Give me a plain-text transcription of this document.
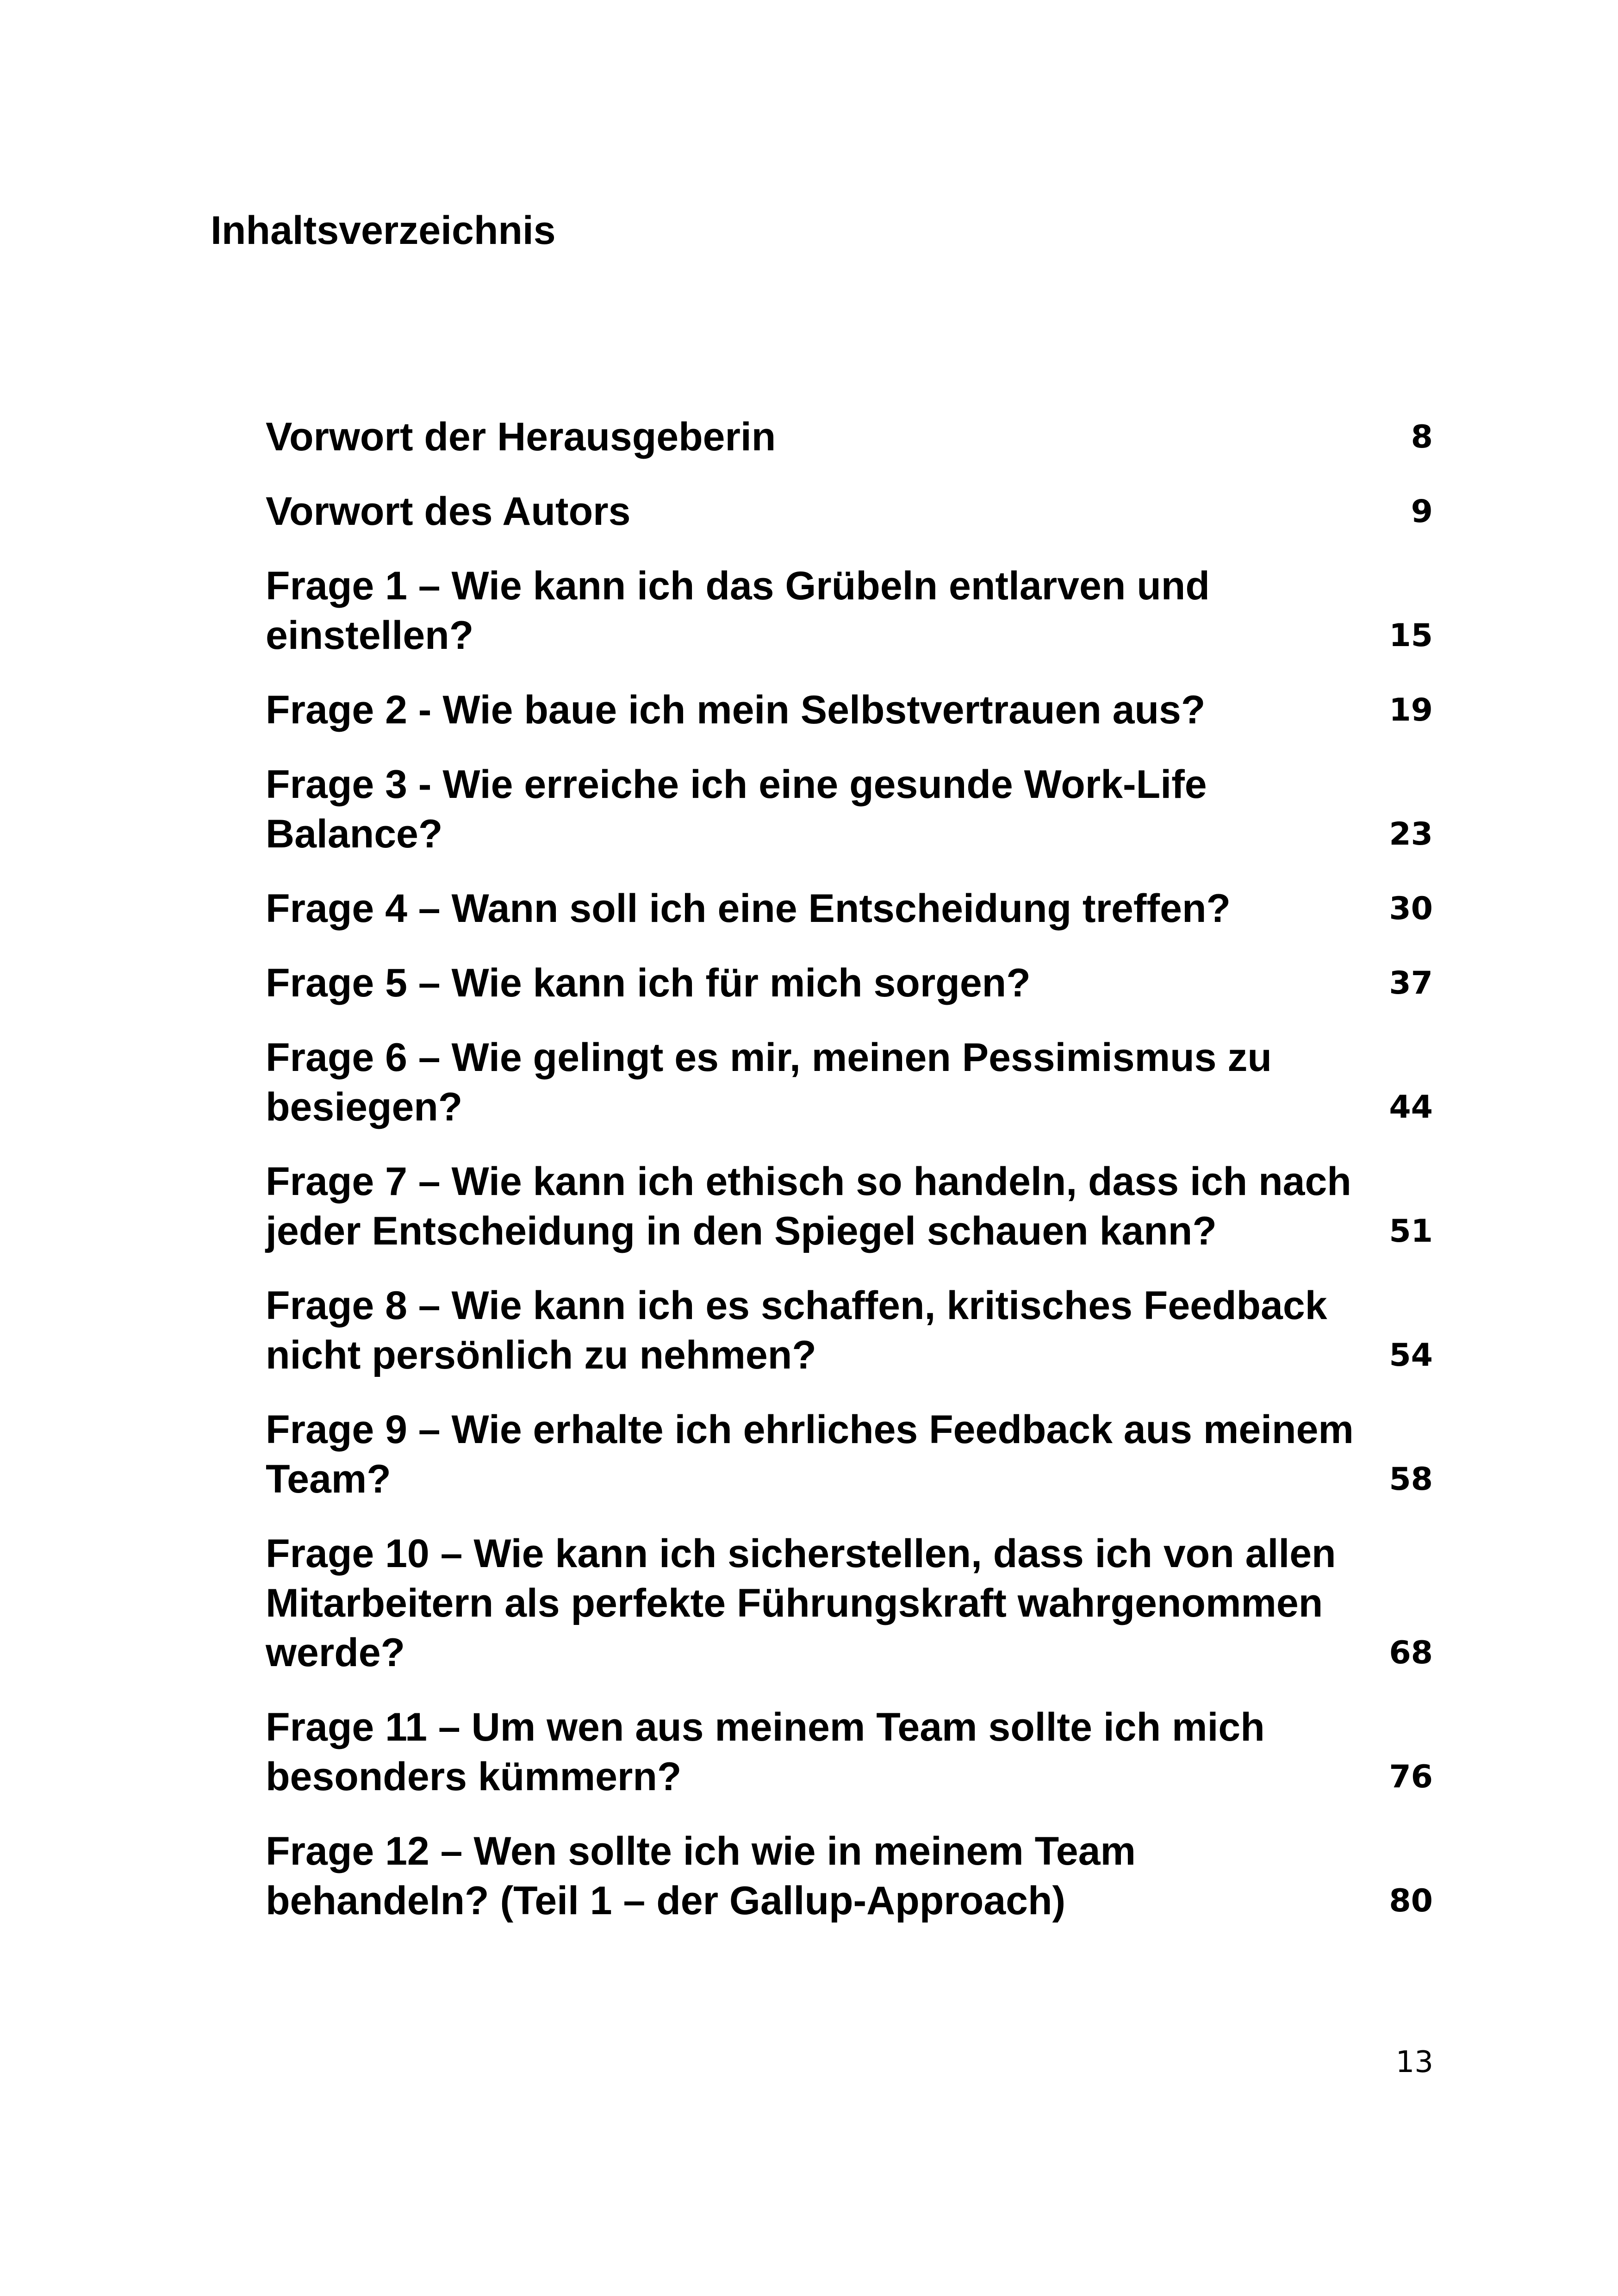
Inhaltsverzeichnis
Vorwort der Herausgeberin	8
Vorwort des Autors	9
Frage 1 – Wie kann ich das Grübeln entlarven und
einstellen?	15
Frage 2 - Wie baue ich mein Selbstvertrauen aus?	19
Frage 3 - Wie erreiche ich eine gesunde Work-Life
Balance?	23
Frage 4 – Wann soll ich eine Entscheidung treffen?	30
Frage 5 – Wie kann ich für mich sorgen?	37
Frage 6 – Wie gelingt es mir, meinen Pessimismus zu
besiegen?	44
Frage 7 – Wie kann ich ethisch so handeln, dass ich nach
jeder Entscheidung in den Spiegel schauen kann?	51
Frage 8 – Wie kann ich es schaffen, kritisches Feedback
nicht persönlich zu nehmen?	54
Frage 9 – Wie erhalte ich ehrliches Feedback aus meinem
Team?	58
Frage 10 – Wie kann ich sicherstellen, dass ich von allen
Mitarbeitern als perfekte Führungskraft wahrgenommen
werde?	68
Frage 11 – Um wen aus meinem Team sollte ich mich
besonders kümmern?	76
Frage 12 – Wen sollte ich wie in meinem Team
behandeln? (Teil 1 – der Gallup-Approach)	80
13
